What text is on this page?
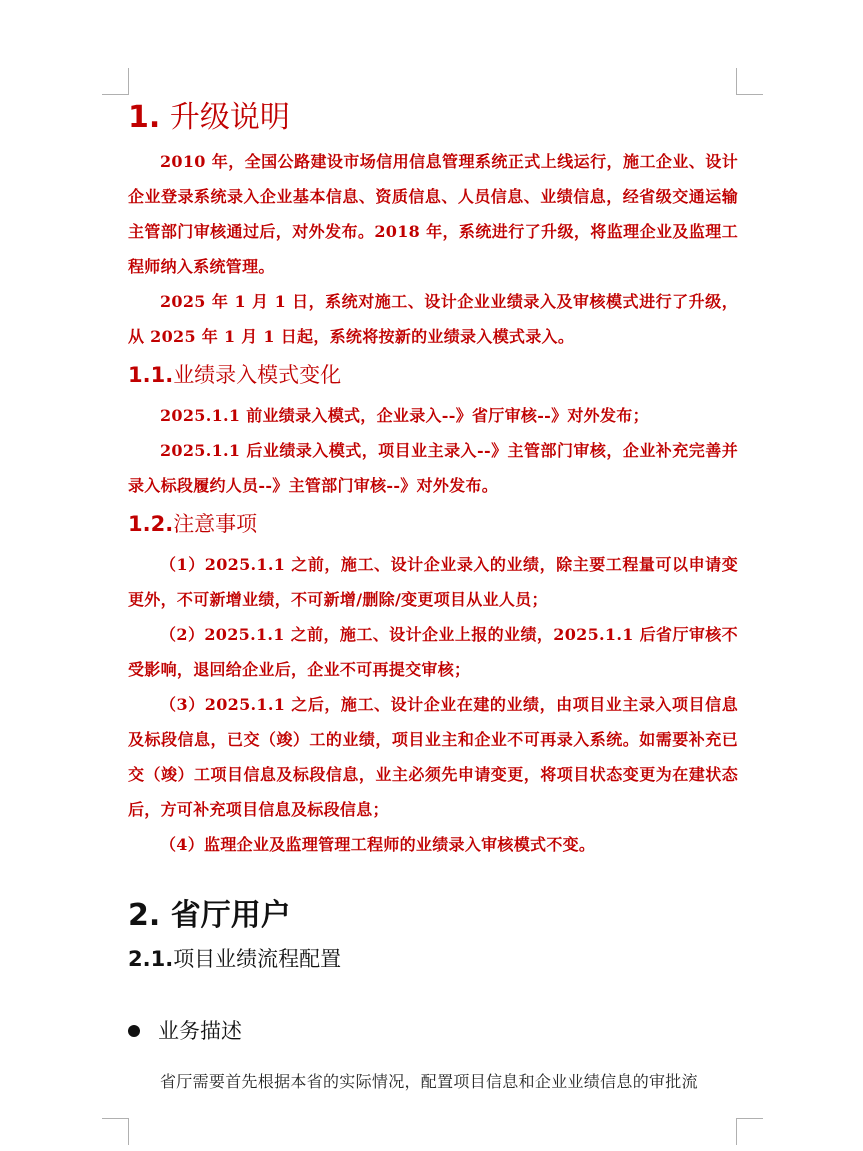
1. 升级说明

2010 年，全国公路建设市场信用信息管理系统正式上线运行，施工企业、设计企业登录系统录入企业基本信息、资质信息、人员信息、业绩信息，经省级交通运输主管部门审核通过后，对外发布。2018 年，系统进行了升级，将监理企业及监理工程师纳入系统管理。

2025 年 1 月 1 日，系统对施工、设计企业业绩录入及审核模式进行了升级，从 2025 年 1 月 1 日起，系统将按新的业绩录入模式录入。

1.1.业绩录入模式变化

2025.1.1 前业绩录入模式，企业录入--》省厅审核--》对外发布；

2025.1.1 后业绩录入模式，项目业主录入--》主管部门审核，企业补充完善并录入标段履约人员--》主管部门审核--》对外发布。

1.2.注意事项

（1）2025.1.1 之前，施工、设计企业录入的业绩，除主要工程量可以申请变更外，不可新增业绩，不可新增/删除/变更项目从业人员；

（2）2025.1.1 之前，施工、设计企业上报的业绩，2025.1.1 后省厅审核不受影响，退回给企业后，企业不可再提交审核；

（3）2025.1.1 之后，施工、设计企业在建的业绩，由项目业主录入项目信息及标段信息，已交（竣）工的业绩，项目业主和企业不可再录入系统。如需要补充已交（竣）工项目信息及标段信息，业主必须先申请变更，将项目状态变更为在建状态后，方可补充项目信息及标段信息；

（4）监理企业及监理管理工程师的业绩录入审核模式不变。

2. 省厅用户
2.1.项目业绩流程配置
业务描述

省厅需要首先根据本省的实际情况，配置项目信息和企业业绩信息的审批流
